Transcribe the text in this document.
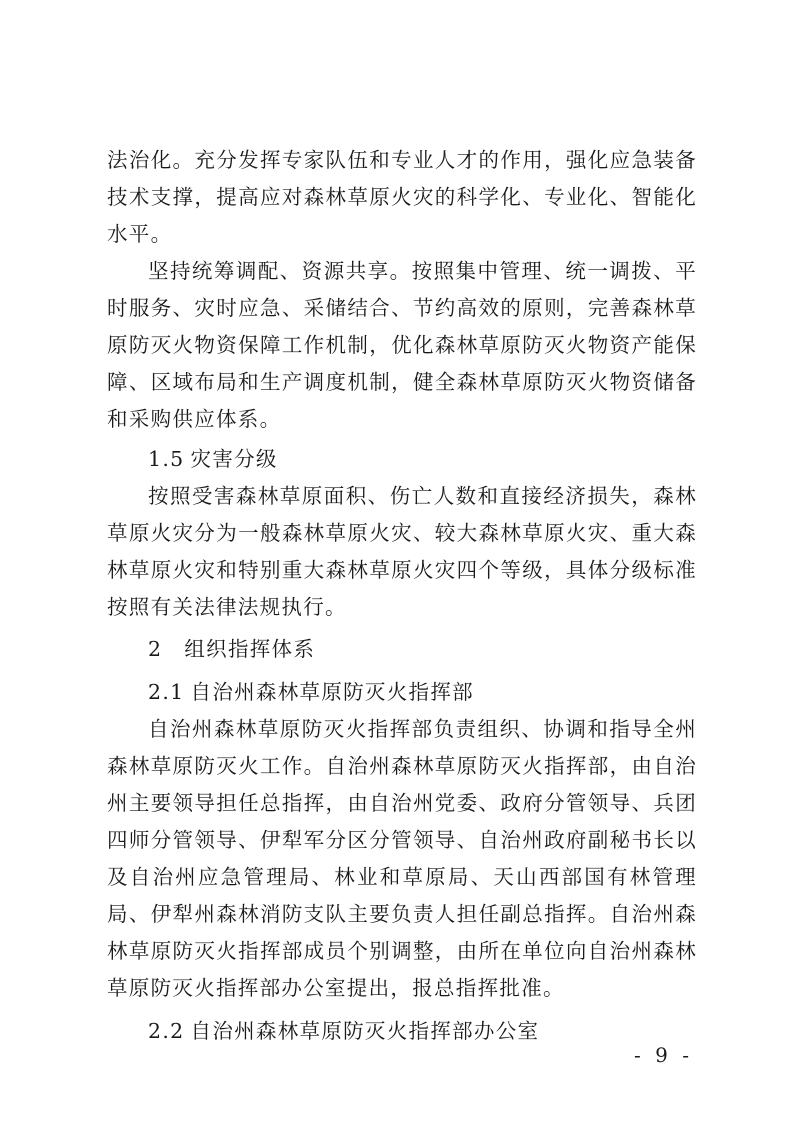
法治化。充分发挥专家队伍和专业人才的作用，强化应急装备技术支撑，提高应对森林草原火灾的科学化、专业化、智能化水平。

坚持统筹调配、资源共享。按照集中管理、统一调拨、平时服务、灾时应急、采储结合、节约高效的原则，完善森林草原防灭火物资保障工作机制，优化森林草原防灭火物资产能保障、区域布局和生产调度机制，健全森林草原防灭火物资储备和采购供应体系。

1.5 灾害分级

按照受害森林草原面积、伤亡人数和直接经济损失，森林草原火灾分为一般森林草原火灾、较大森林草原火灾、重大森林草原火灾和特别重大森林草原火灾四个等级，具体分级标准按照有关法律法规执行。

2 组织指挥体系
2.1 自治州森林草原防灭火指挥部

自治州森林草原防灭火指挥部负责组织、协调和指导全州森林草原防灭火工作。自治州森林草原防灭火指挥部，由自治州主要领导担任总指挥，由自治州党委、政府分管领导、兵团四师分管领导、伊犁军分区分管领导、自治州政府副秘书长以及自治州应急管理局、林业和草原局、天山西部国有林管理局、伊犁州森林消防支队主要负责人担任副总指挥。自治州森林草原防灭火指挥部成员个别调整，由所在单位向自治州森林草原防灭火指挥部办公室提出，报总指挥批准。

2.2 自治州森林草原防灭火指挥部办公室
- 9 -
